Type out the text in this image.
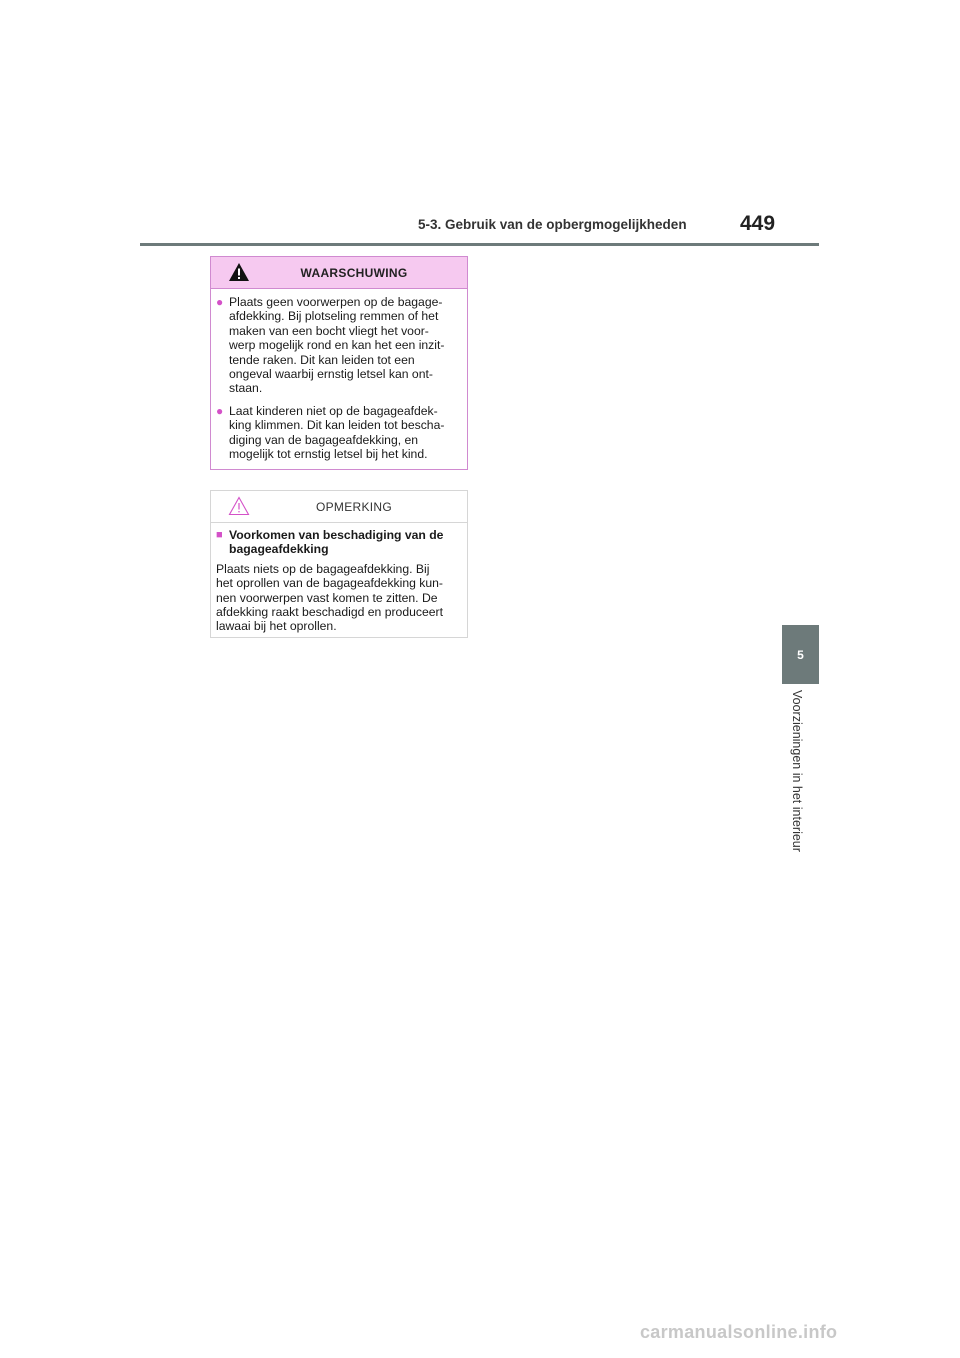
5-3. Gebruik van de opbergmogelijkheden	449
5
Voorzieningen in het interieur
WAARSCHUWING
● Plaats geen voorwerpen op de bagage-
afdekking. Bij plotseling remmen of het
maken van een bocht vliegt het voor-
werp mogelijk rond en kan het een inzit-
tende raken. Dit kan leiden tot een
ongeval waarbij ernstig letsel kan ont-
staan.
● Laat kinderen niet op de bagageafdek-
king klimmen. Dit kan leiden tot bescha-
diging van de bagageafdekking, en
mogelijk tot ernstig letsel bij het kind.
OPMERKING
■ Voorkomen van beschadiging van de
bagageafdekking
Plaats niets op de bagageafdekking. Bij
het oprollen van de bagageafdekking kun-
nen voorwerpen vast komen te zitten. De
afdekking raakt beschadigd en produceert
lawaai bij het oprollen.
carmanualsonline.info
